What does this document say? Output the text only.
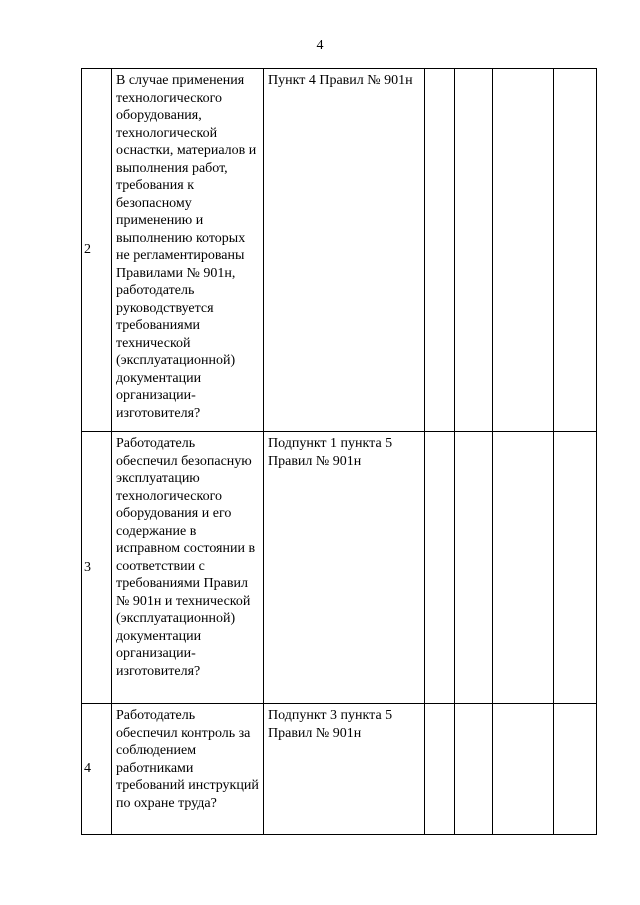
4
2	В случае применения технологического оборудования, технологической оснастки, материалов и выполнения работ, требования к безопасному применению и выполнению которых не регламентированы Правилами № 901н, работодатель руководствуется требованиями технической (эксплуатационной) документации организации-изготовителя?	Пункт 4 Правил № 901н				
3	Работодатель обеспечил безопасную эксплуатацию технологического оборудования и его содержание в исправном состоянии в соответствии с требованиями Правил № 901н и технической (эксплуатационной) документации организации-изготовителя?	Подпункт 1 пункта 5 Правил № 901н				
4	Работодатель обеспечил контроль за соблюдением работниками требований инструкций по охране труда?	Подпункт 3 пункта 5 Правил № 901н				
